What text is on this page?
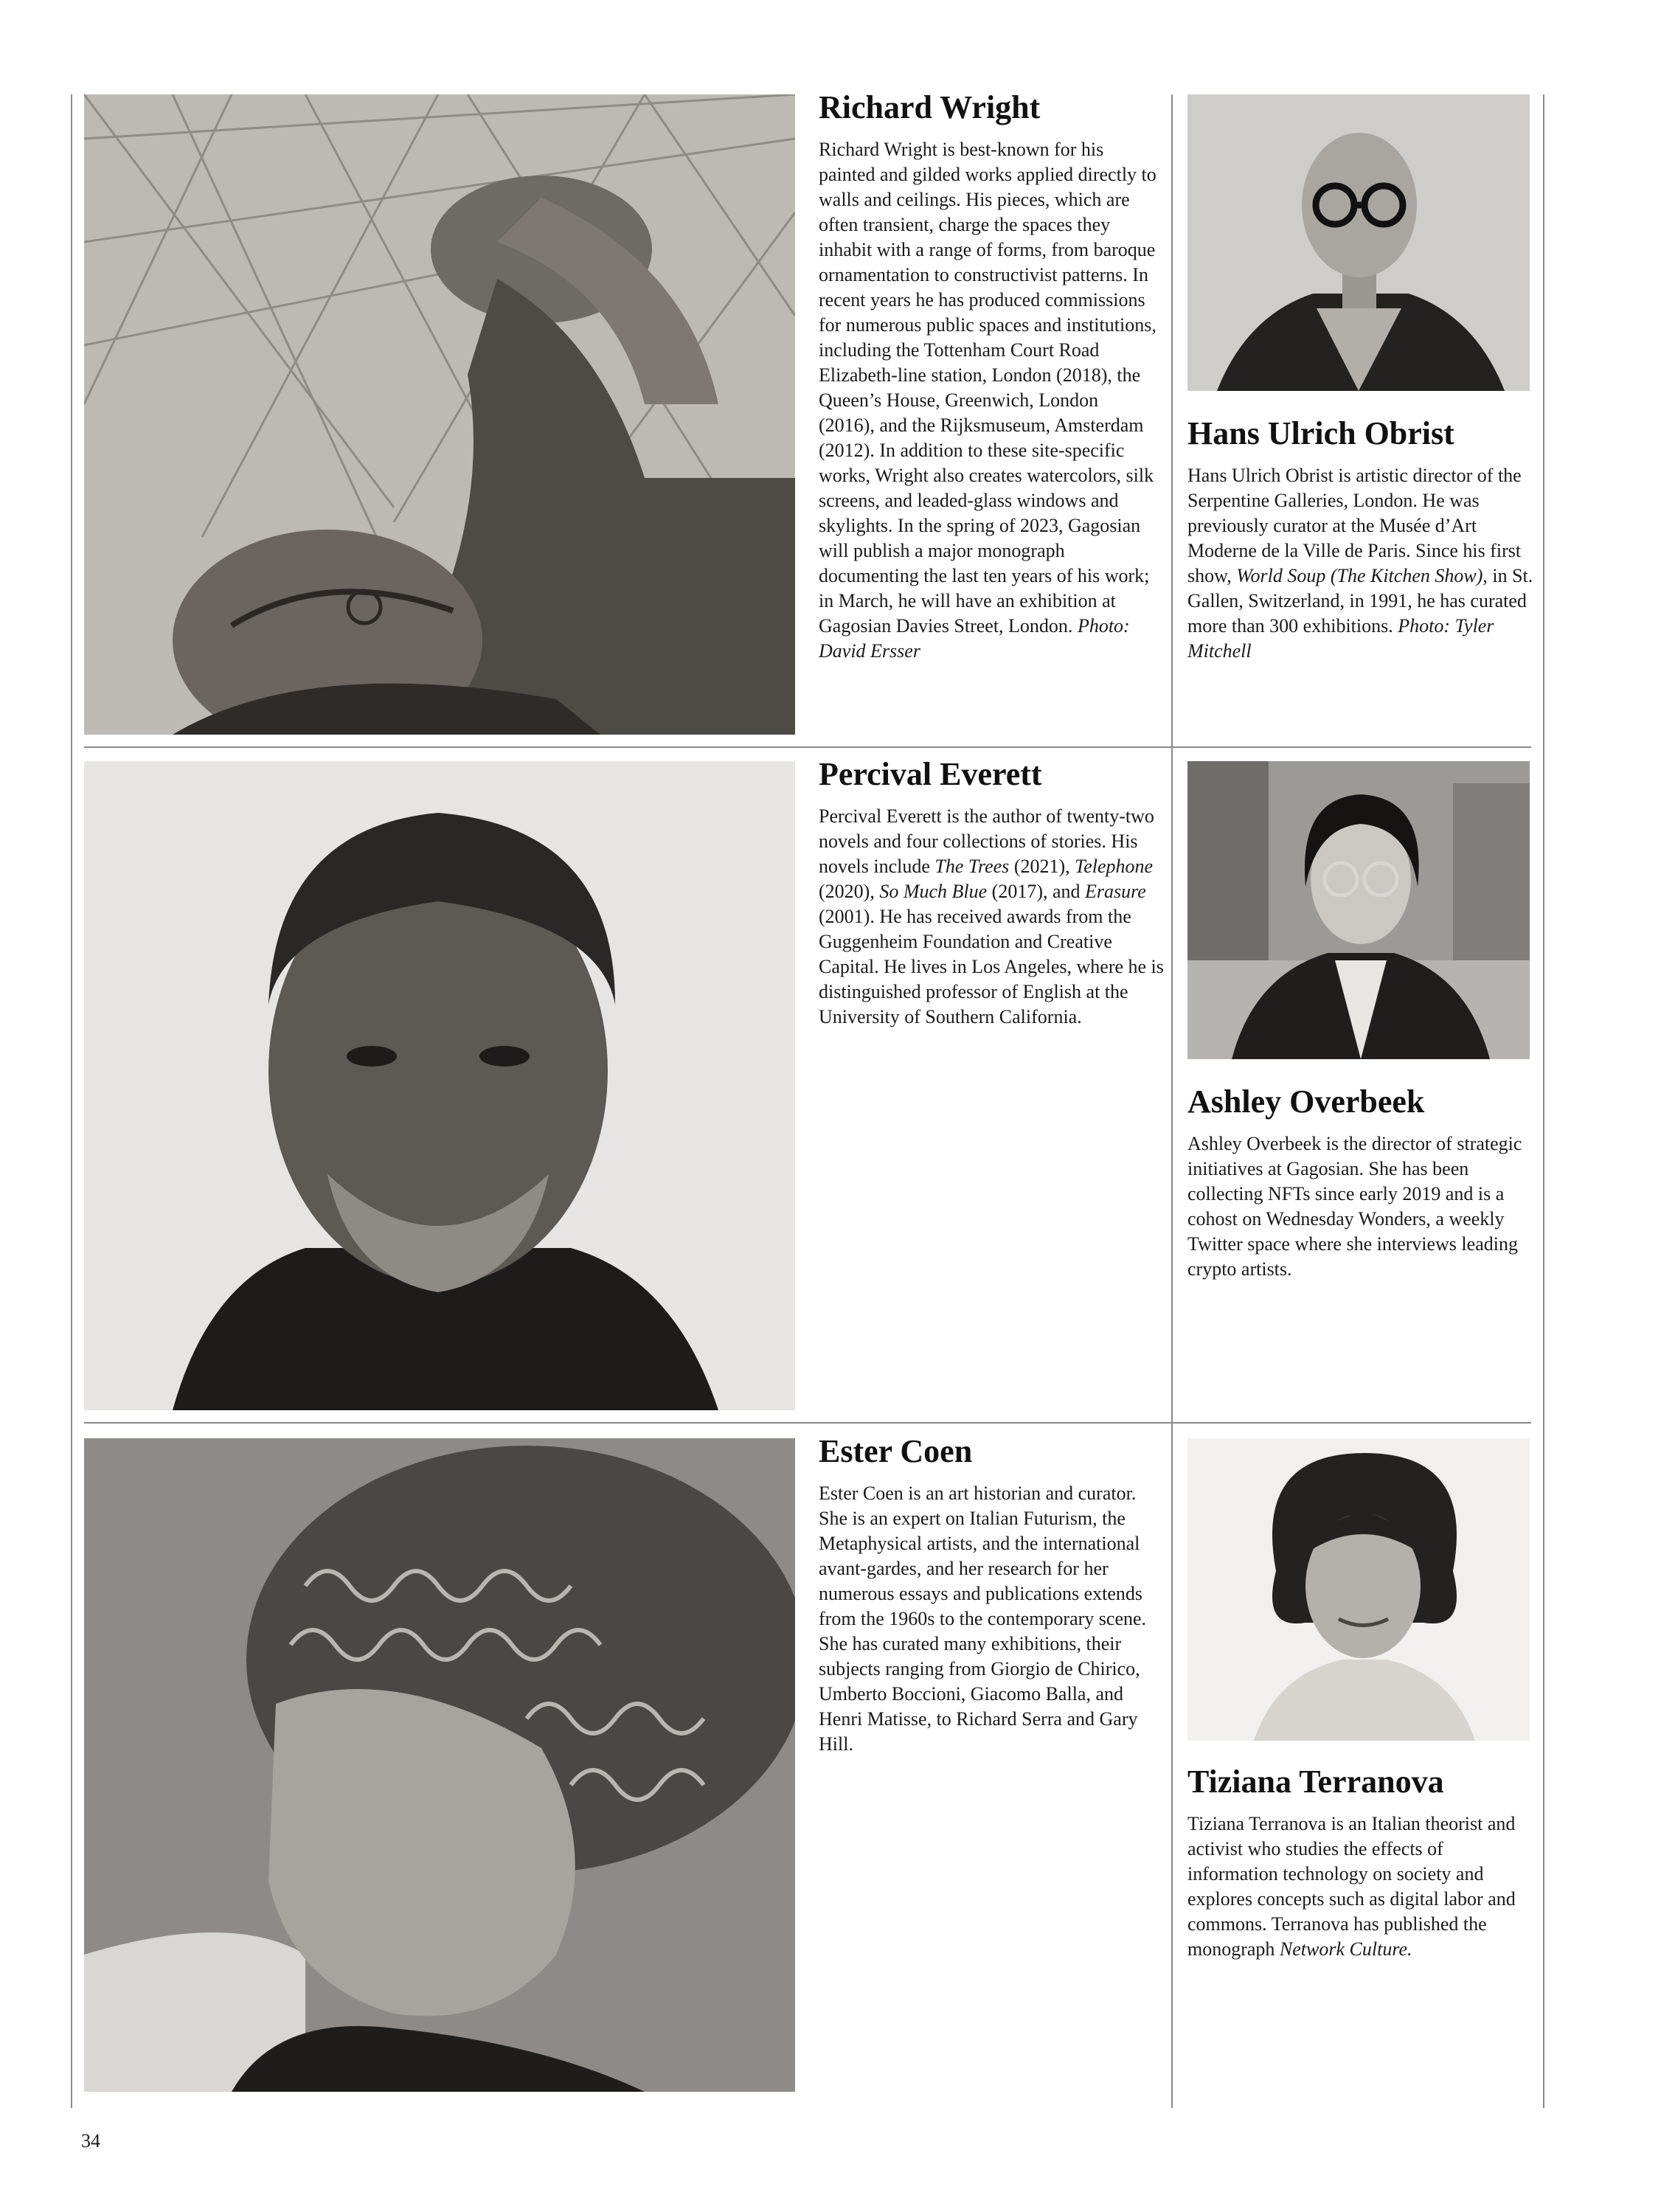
Richard Wright

Richard Wright is best-known for his painted and gilded works applied directly to walls and ceilings. His pieces, which are often transient, charge the spaces they inhabit with a range of forms, from baroque ornamentation to constructivist patterns. In recent years he has produced commissions for numerous public spaces and institutions, including the Tottenham Court Road Elizabeth-line station, London (2018), the Queen’s House, Greenwich, London (2016), and the Rijksmuseum, Amsterdam (2012). In addition to these site-specific works, Wright also creates watercolors, silk screens, and leaded-glass windows and skylights. In the spring of 2023, Gagosian will publish a major monograph documenting the last ten years of his work; in March, he will have an exhibition at Gagosian Davies Street, London. Photo: David Ersser

Hans Ulrich Obrist

Hans Ulrich Obrist is artistic director of the Serpentine Galleries, London. He was previously curator at the Musée d’Art Moderne de la Ville de Paris. Since his first show, World Soup (The Kitchen Show), in St. Gallen, Switzerland, in 1991, he has curated more than 300 exhibitions. Photo: Tyler Mitchell

Percival Everett

Percival Everett is the author of twenty-two novels and four collections of stories. His novels include The Trees (2021), Telephone (2020), So Much Blue (2017), and Erasure (2001). He has received awards from the Guggenheim Foundation and Creative Capital. He lives in Los Angeles, where he is distinguished professor of English at the University of Southern California.

Ashley Overbeek

Ashley Overbeek is the director of strategic initiatives at Gagosian. She has been collecting NFTs since early 2019 and is a cohost on Wednesday Wonders, a weekly Twitter space where she interviews leading crypto artists.

Ester Coen

Ester Coen is an art historian and curator. She is an expert on Italian Futurism, the Metaphysical artists, and the international avant-gardes, and her research for her numerous essays and publications extends from the 1960s to the contemporary scene. She has curated many exhibitions, their subjects ranging from Giorgio de Chirico, Umberto Boccioni, Giacomo Balla, and Henri Matisse, to Richard Serra and Gary Hill.

Tiziana Terranova

Tiziana Terranova is an Italian theorist and activist who studies the effects of information technology on society and explores concepts such as digital labor and commons. Terranova has published the monograph Network Culture.

34
